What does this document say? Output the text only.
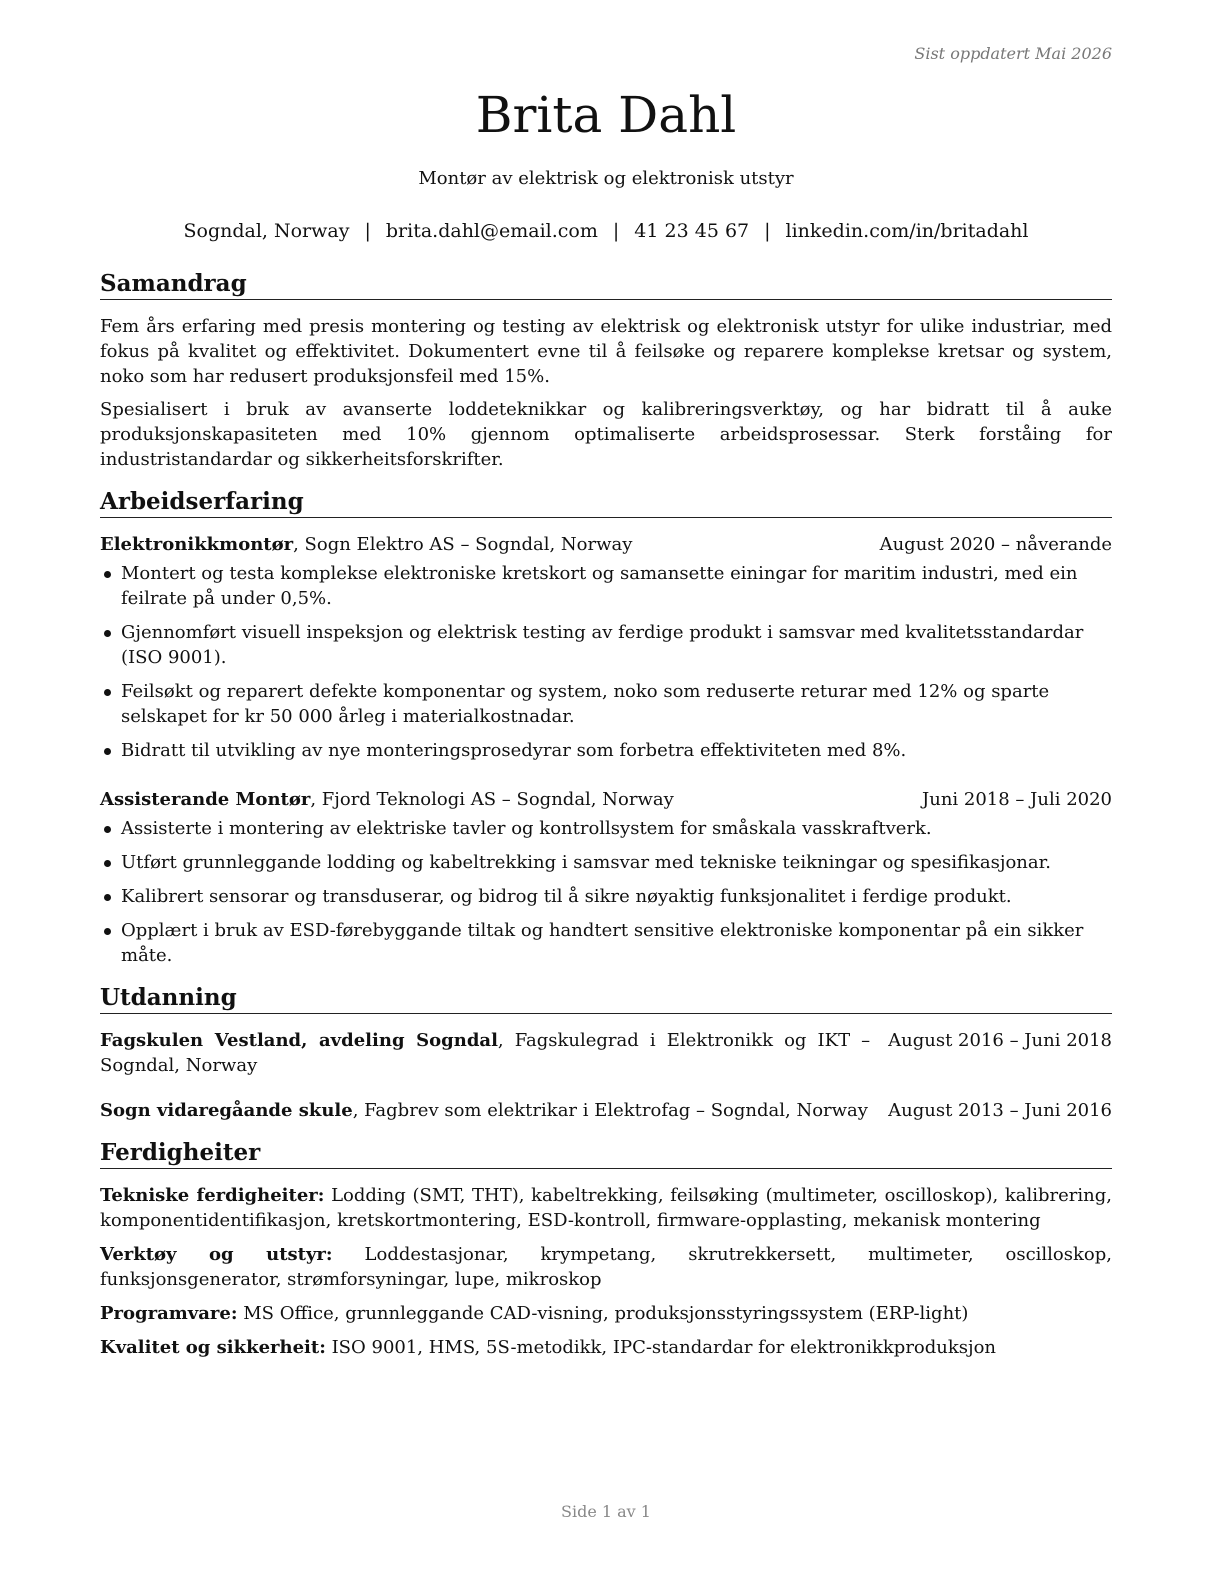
Sist oppdatert Mai 2026
Brita Dahl
Montør av elektrisk og elektronisk utstyr
Sogndal, Norway | brita.dahl@email.com | 41 23 45 67 | linkedin.com/in/britadahl
Samandrag

Fem års erfaring med presis montering og testing av elektrisk og elektronisk utstyr for ulike industriar, med fokus på kvalitet og effektivitet. Dokumentert evne til å feilsøke og reparere komplekse kretsar og system, noko som har redusert produksjonsfeil med 15%.

Spesialisert i bruk av avanserte loddeteknikkar og kalibreringsverktøy, og har bidratt til å auke produksjonskapasiteten med 10% gjennom optimaliserte arbeidsprosessar. Sterk forståing for industristandardar og sikkerheitsforskrifter.

Arbeidserfaring
Elektronikkmontør, Sogn Elektro AS – Sogndal, Norway	August 2020 – nåverande
Montert og testa komplekse elektroniske kretskort og samansette einingar for maritim industri, med ein feilrate på under 0,5%.
Gjennomført visuell inspeksjon og elektrisk testing av ferdige produkt i samsvar med kvalitetsstandardar (ISO 9001).
Feilsøkt og reparert defekte komponentar og system, noko som reduserte returar med 12% og sparte selskapet for kr 50 000 årleg i materialkostnadar.
Bidratt til utvikling av nye monteringsprosedyrar som forbetra effektiviteten med 8%.
Assisterande Montør, Fjord Teknologi AS – Sogndal, Norway	Juni 2018 – Juli 2020
Assisterte i montering av elektriske tavler og kontrollsystem for småskala vasskraftverk.
Utført grunnleggande lodding og kabeltrekking i samsvar med tekniske teikningar og spesifikasjonar.
Kalibrert sensorar og transduserar, og bidrog til å sikre nøyaktig funksjonalitet i ferdige produkt.
Opplært i bruk av ESD-førebyggande tiltak og handtert sensitive elektroniske komponentar på ein sikker måte.
Utdanning
Fagskulen Vestland, avdeling Sogndal, Fagskulegrad i Elektronikk og IKT – Sogndal, Norway
August 2016 – Juni 2018
Sogn vidaregåande skule, Fagbrev som elektrikar i Elektrofag – Sogndal, Norway	August 2013 – Juni 2016
Ferdigheiter

Tekniske ferdigheiter: Lodding (SMT, THT), kabeltrekking, feilsøking (multimeter, oscilloskop), kalibrering, komponentidentifikasjon, kretskortmontering, ESD-kontroll, firmware-opplasting, mekanisk montering

Verktøy og utstyr: Loddestasjonar, krympetang, skrutrekkersett, multimeter, oscilloskop, funksjonsgenerator, strømforsyningar, lupe, mikroskop

Programvare: MS Office, grunnleggande CAD-visning, produksjonsstyringssystem (ERP-light)

Kvalitet og sikkerheit: ISO 9001, HMS, 5S-metodikk, IPC-standardar for elektronikkproduksjon

Side 1 av 1
